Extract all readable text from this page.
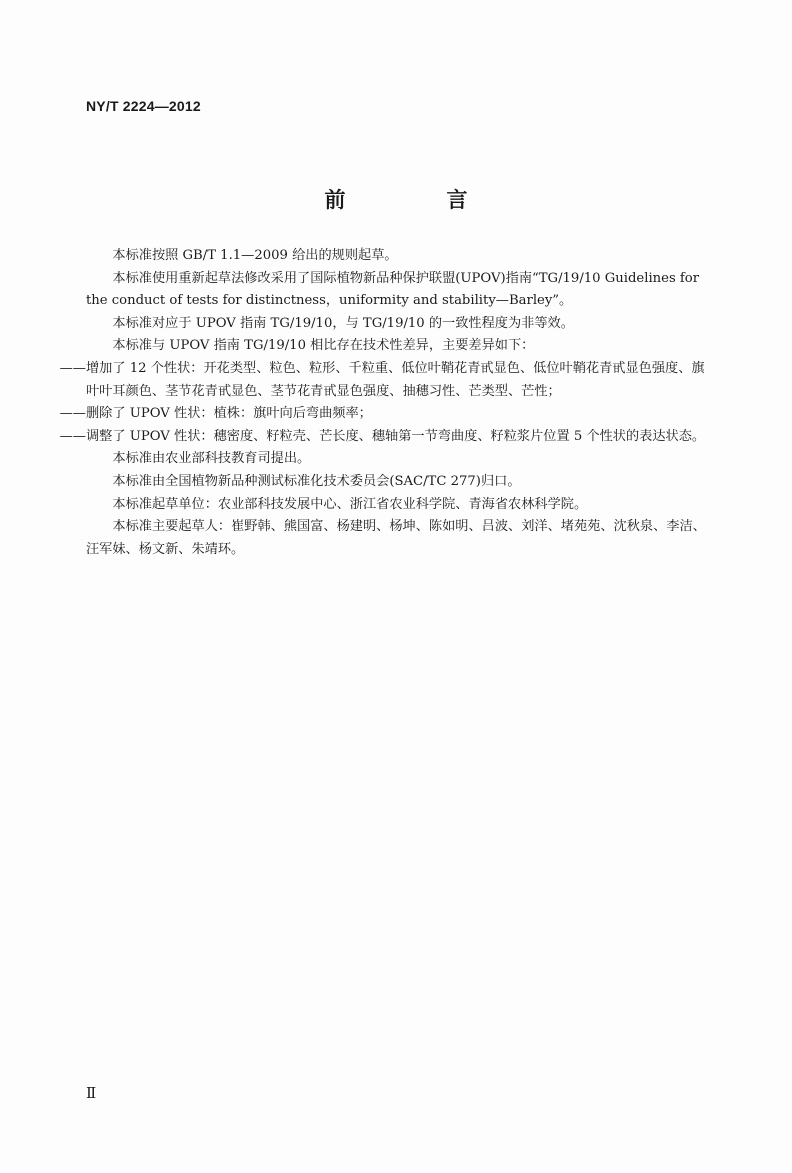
NY/T 2224—2012
前　言

本标准按照 GB/T 1.1—2009 给出的规则起草。

本标准使用重新起草法修改采用了国际植物新品种保护联盟(UPOV)指南“TG/19/10 Guidelines for the conduct of tests for distinctness，uniformity and stability—Barley”。

本标准对应于 UPOV 指南 TG/19/10，与 TG/19/10 的一致性程度为非等效。

本标准与 UPOV 指南 TG/19/10 相比存在技术性差异，主要差异如下：

——增加了 12 个性状：开花类型、粒色、粒形、千粒重、低位叶鞘花青甙显色、低位叶鞘花青甙显色强度、旗叶叶耳颜色、茎节花青甙显色、茎节花青甙显色强度、抽穗习性、芒类型、芒性；

——删除了 UPOV 性状：植株：旗叶向后弯曲频率；

——调整了 UPOV 性状：穗密度、籽粒壳、芒长度、穗轴第一节弯曲度、籽粒浆片位置 5 个性状的表达状态。

本标准由农业部科技教育司提出。

本标准由全国植物新品种测试标准化技术委员会(SAC/TC 277)归口。

本标准起草单位：农业部科技发展中心、浙江省农业科学院、青海省农林科学院。

本标准主要起草人：崔野韩、熊国富、杨建明、杨坤、陈如明、吕波、刘洋、堵苑苑、沈秋泉、李洁、汪军妹、杨文新、朱靖环。

Ⅱ
